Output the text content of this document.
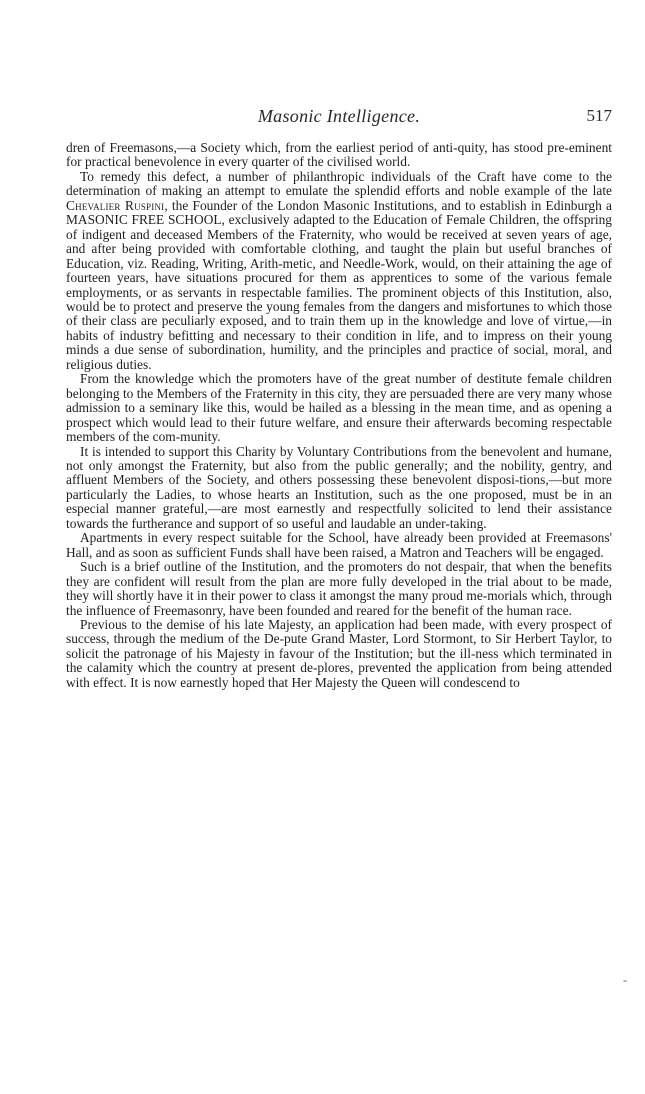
Masonic Intelligence.	517

dren of Freemasons,—a Society which, from the earliest period of anti-quity, has stood pre-eminent for practical benevolence in every quarter of the civilised world.

To remedy this defect, a number of philanthropic individuals of the Craft have come to the determination of making an attempt to emulate the splendid efforts and noble example of the late Chevalier Ruspini, the Founder of the London Masonic Institutions, and to establish in Edinburgh a MASONIC FREE SCHOOL, exclusively adapted to the Education of Female Children, the offspring of indigent and deceased Members of the Fraternity, who would be received at seven years of age, and after being provided with comfortable clothing, and taught the plain but useful branches of Education, viz. Reading, Writing, Arith-metic, and Needle-Work, would, on their attaining the age of fourteen years, have situations procured for them as apprentices to some of the various female employments, or as servants in respectable families. The prominent objects of this Institution, also, would be to protect and preserve the young females from the dangers and misfortunes to which those of their class are peculiarly exposed, and to train them up in the knowledge and love of virtue,—in habits of industry befitting and necessary to their condition in life, and to impress on their young minds a due sense of subordination, humility, and the principles and practice of social, moral, and religious duties.

From the knowledge which the promoters have of the great number of destitute female children belonging to the Members of the Fraternity in this city, they are persuaded there are very many whose admission to a seminary like this, would be hailed as a blessing in the mean time, and as opening a prospect which would lead to their future welfare, and ensure their afterwards becoming respectable members of the com-munity.

It is intended to support this Charity by Voluntary Contributions from the benevolent and humane, not only amongst the Fraternity, but also from the public generally; and the nobility, gentry, and affluent Members of the Society, and others possessing these benevolent disposi-tions,—but more particularly the Ladies, to whose hearts an Institution, such as the one proposed, must be in an especial manner grateful,—are most earnestly and respectfully solicited to lend their assistance towards the furtherance and support of so useful and laudable an under-taking.

Apartments in every respect suitable for the School, have already been provided at Freemasons' Hall, and as soon as sufficient Funds shall have been raised, a Matron and Teachers will be engaged.

Such is a brief outline of the Institution, and the promoters do not despair, that when the benefits they are confident will result from the plan are more fully developed in the trial about to be made, they will shortly have it in their power to class it amongst the many proud me-morials which, through the influence of Freemasonry, have been founded and reared for the benefit of the human race.

Previous to the demise of his late Majesty, an application had been made, with every prospect of success, through the medium of the De-pute Grand Master, Lord Stormont, to Sir Herbert Taylor, to solicit the patronage of his Majesty in favour of the Institution; but the ill-ness which terminated in the calamity which the country at present de-plores, prevented the application from being attended with effect. It is now earnestly hoped that Her Majesty the Queen will condescend to

-
